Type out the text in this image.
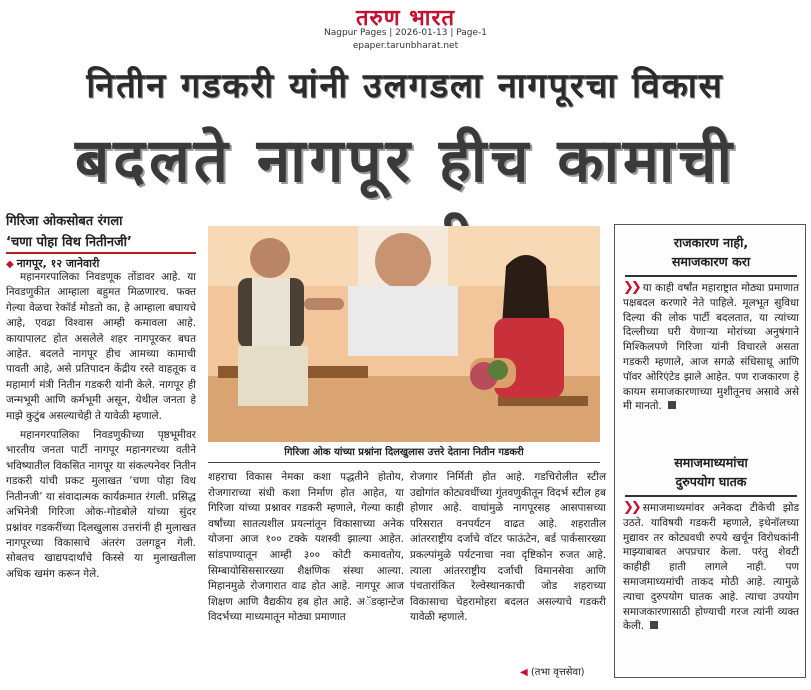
तरुण भारत
Nagpur Pages | 2026-01-13 | Page-1
epaper.tarunbharat.net
नितीन गडकरी यांनी उलगडला नागपूरचा विकास
बदलते नागपूर हीच कामाची
गिरिजा ओकसोबत रंगला
‘चणा पोहा विथ नितीनजी’
◆ नागपूर, १२ जानेवारी

महानगरपालिका निवडणूक तोंडावर आहे. या निवडणुकीत आम्हाला बहुमत मिळणारच. फक्त गेल्या वेळचा रेकॉर्ड मोडतो का, हे आम्हाला बघायचे आहे, एवढा विश्वास आम्ही कमावला आहे. कायापालट होत असलेले शहर नागपूरकर बघत आहेत. बदलते नागपूर हीच आमच्या कामाची पावती आहे, असे प्रतिपादन केंद्रीय रस्ते वाहतूक व महामार्ग मंत्री नितीन गडकरी यांनी केले. नागपूर ही जन्मभूमी आणि कर्मभूमी असून, येथील जनता हे माझे कुटुंब असल्याचेही ते यावेळी म्हणाले.

महानगरपालिका निवडणुकीच्या पृष्ठभूमीवर भारतीय जनता पार्टी नागपूर महानगरच्या वतीने भविष्यातील विकसित नागपूर या संकल्पनेवर नितीन गडकरी यांची प्रकट मुलाखत ‘चणा पोहा विथ नितीनजी’ या संवादात्मक कार्यक्रमात रंगली. प्रसिद्ध अभिनेत्री गिरिजा ओक-गोडबोले यांच्या सुंदर प्रश्नांवर गडकरींच्या दिलखुलास उत्तरांनी ही मुलाखत नागपूरच्या विकासाचे अंतरंग उलगडून गेली. सोबतच खाद्यपदार्थांचे किस्से या मुलाखतीला अधिक खमंग करून गेले.

गिरिजा ओक यांच्या प्रश्नांना दिलखुलास उत्तरे देताना नितीन गडकरी
शहराचा विकास नेमका कशा पद्धतीने होतोय, रोजगाराच्या संधी कशा निर्माण होत आहेत, या गिरिजा यांच्या प्रश्नावर गडकरी म्हणाले, गेल्या काही वर्षांच्या सातत्यशील प्रयत्नांतून विकासाच्या अनेक योजना आज १०० टक्के यशस्वी झाल्या आहेत. सांडपाण्यातून आम्ही ३०० कोटी कमावतोय, सिम्बायोसिससारख्या शैक्षणिक संस्था आल्या. मिहानमुळे रोजगारात वाढ होत आहे. नागपूर आज शिक्षण आणि वैद्यकीय हब होत आहे. अॅडव्हान्टेज विदर्भच्या माध्यमातून मोठ्या प्रमाणात
रोजगार निर्मिती होत आहे. गडचिरोलीत स्टील उद्योगांत कोट्यवधींच्या गुंतवणुकीतून विदर्भ स्टील हब होणार आहे. वाघांमुळे नागपूरसह आसपासच्या परिसरात वनपर्यटन वाढत आहे. शहरातील आंतरराष्ट्रीय दर्जाचे वॉटर फाऊंटेन, बर्ड पार्कसारख्या प्रकल्पांमुळे पर्यटनाचा नवा दृष्टिकोन रुजत आहे. त्याला आंतरराष्ट्रीय दर्जाची विमानसेवा आणि पंचतारांकित रेल्वेस्थानकाची जोड शहराच्या विकासाचा चेहरामोहरा बदलत असल्याचे गडकरी यावेळी म्हणाले.
◀ (तभा वृत्तसेवा)
राजकारण नाही,
समाजकारण करा
❯❯ या काही वर्षांत महाराष्ट्रात मोठ्या प्रमाणात पक्षबदल करणारे नेते पाहिले. मूलभूत सुविधा दिल्या की लोक पार्टी बदलतात, या त्यांच्या दिल्लीच्या घरी येणाऱ्या मोरांच्या अनुषंगाने मिश्किलपणे गिरिजा यांनी विचारले असता गडकरी म्हणाले, आज सगळे संधिसाधू आणि पॉवर ओरिएंटेड झाले आहेत. पण राजकारण हे कायम समाजकारणाच्या मुशीतूनच असावे असे मी मानतो.
समाजमाध्यमांचा
दुरुपयोग घातक
❯❯ समाजमाध्यमांवर अनेकदा टीकेची झोड उठते. याविषयी गडकरी म्हणाले, इथेनॉलच्या मुद्यावर तर कोट्यवधी रुपये खर्चून विरोधकांनी माझ्याबाबत अपप्रचार केला. परंतु शेवटी काहीही हाती लागले नाही. पण समाजमाध्यमांची ताकद मोठी आहे. त्यामुळे त्याचा दुरुपयोग घातक आहे. त्याचा उपयोग समाजकारणासाठी होण्याची गरज त्यांनी व्यक्त केली.
